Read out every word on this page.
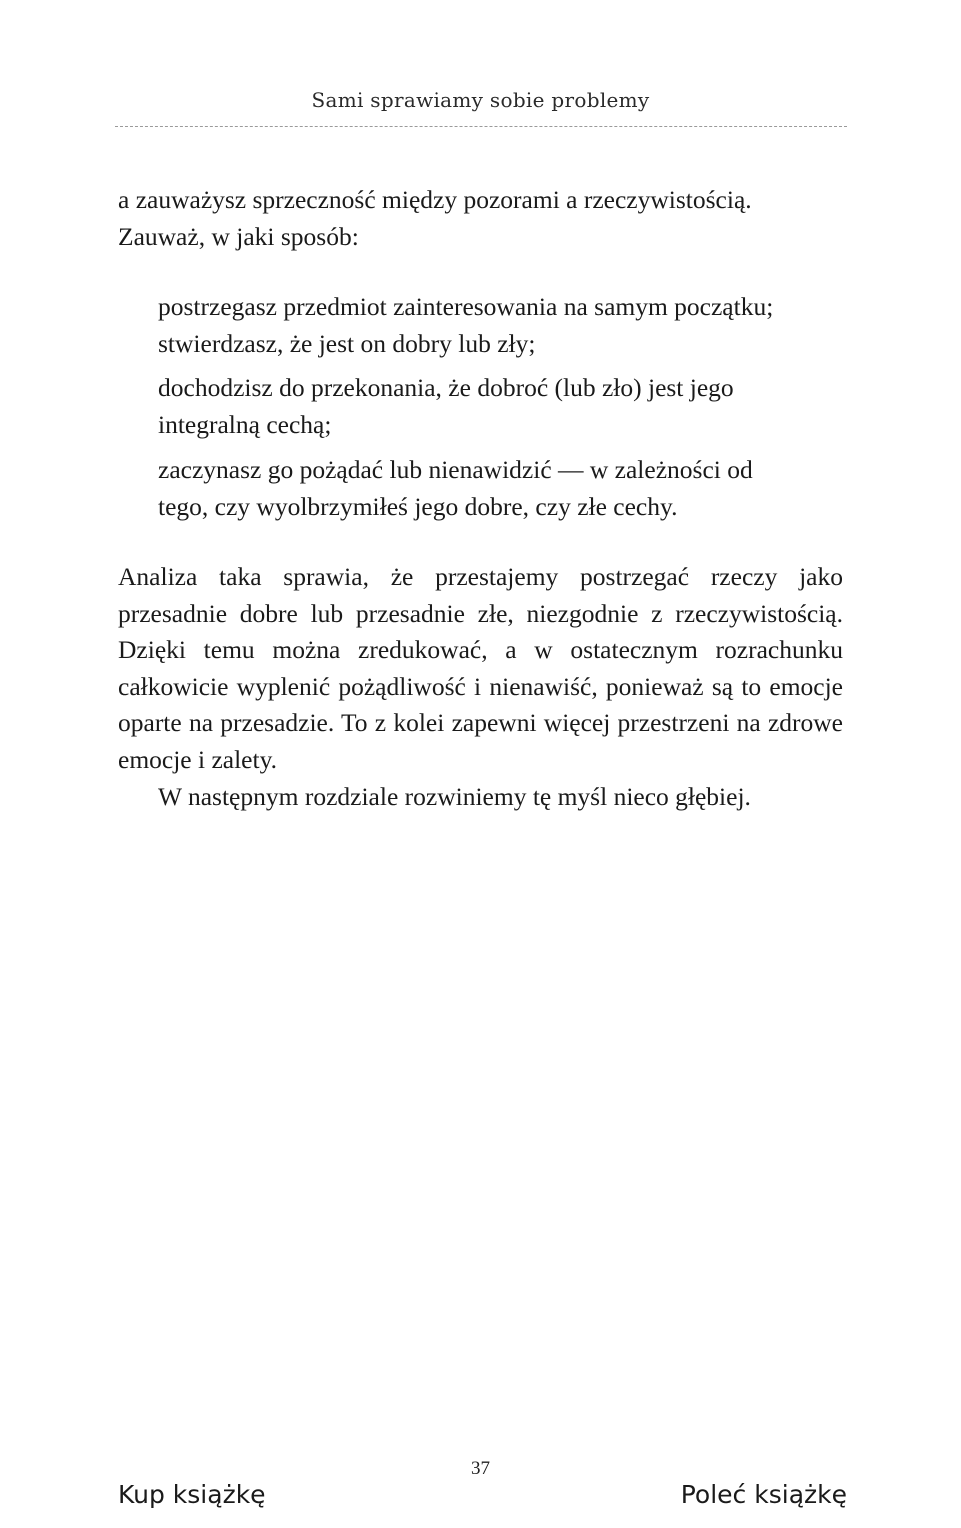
Sami sprawiamy sobie problemy

a zauważysz sprzeczność między pozorami a rzeczywistością. Zauważ, w jaki sposób:

postrzegasz przedmiot zainteresowania na samym początku; stwierdzasz, że jest on dobry lub zły;

dochodzisz do przekonania, że dobroć (lub zło) jest jego integralną cechą;

zaczynasz go pożądać lub nienawidzić — w zależności od tego, czy wyolbrzymiłeś jego dobre, czy złe cechy.

Analiza taka sprawia, że przestajemy postrzegać rzeczy jako przesadnie dobre lub przesadnie złe, niezgodnie z rzeczywistością. Dzięki temu można zredukować, a w ostatecznym rozrachunku całkowicie wyplenić pożądliwość i nienawiść, ponieważ są to emocje oparte na przesadzie. To z kolei zapewni więcej przestrzeni na zdrowe emocje i zalety.

W następnym rozdziale rozwiniemy tę myśl nieco głębiej.

37
Kup książkę	Poleć książkę
